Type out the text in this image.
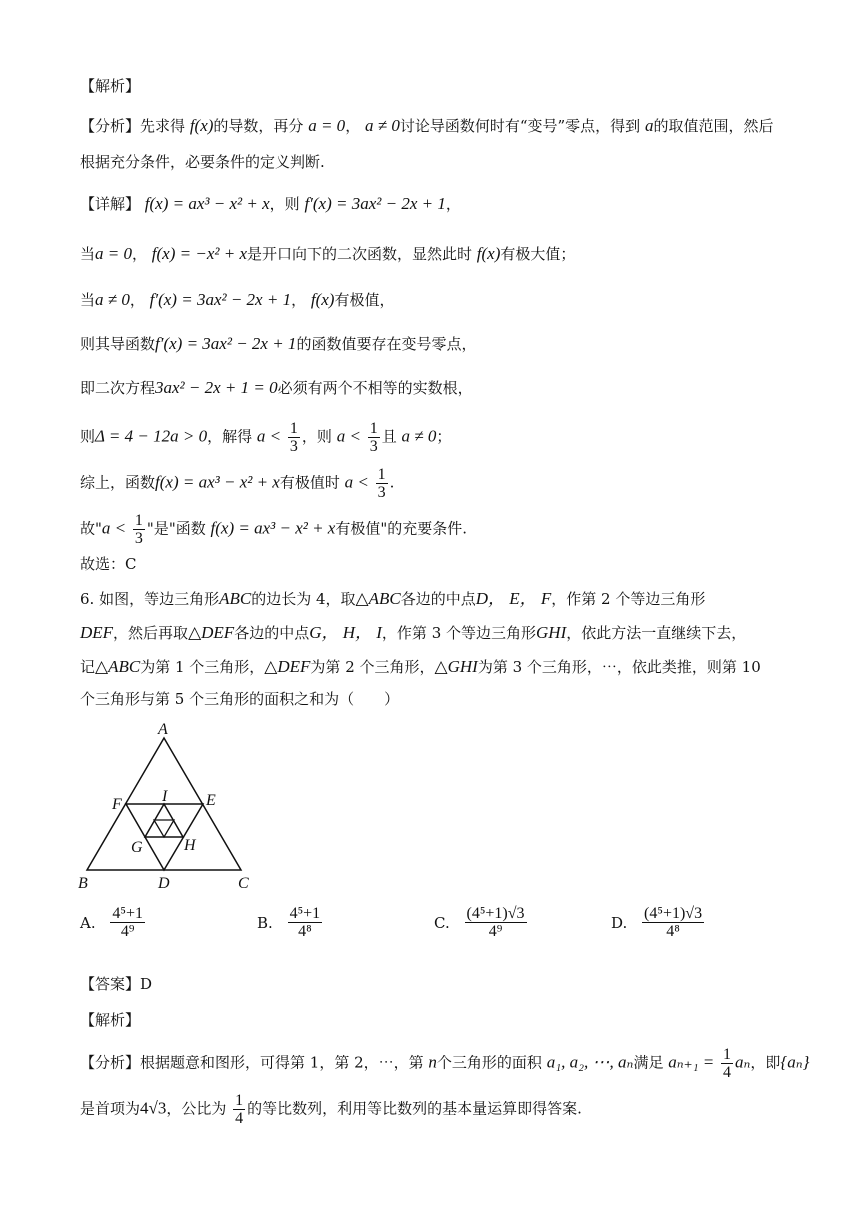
【解析】
【分析】先求得 f(x)的导数，再分 a = 0， a ≠ 0讨论导函数何时有“变号”零点，得到 a的取值范围，然后
根据充分条件，必要条件的定义判断.
【详解】 f(x) = ax³ − x² + x，则 f′(x) = 3ax² − 2x + 1，
当a = 0， f(x) = −x² + x是开口向下的二次函数，显然此时 f(x)有极大值；
当a ≠ 0， f′(x) = 3ax² − 2x + 1， f(x)有极值，
则其导函数f′(x) = 3ax² − 2x + 1的函数值要存在变号零点，
即二次方程3ax² − 2x + 1 = 0必须有两个不相等的实数根，
则Δ = 4 − 12a > 0，解得 $a < \frac{1}{3}$ ，则 $a < \frac{1}{3}$ 且 a ≠ 0；
综上，函数f(x) = ax³ − x² + x有极值时 $a < \frac{1}{3}$ .
故"$a < \frac{1}{3}$ "是"函数 f(x) = ax³ − x² + x有极值"的充要条件.
故选：C
6. 如图，等边三角形ABC的边长为 4，取△ABC各边的中点D， E， F，作第 2 个等边三角形
DEF，然后再取△DEF各边的中点G， H， I，作第 3 个等边三角形GHI，依此方法一直继续下去，
记△ABC为第 1 个三角形，△DEF为第 2 个三角形，△GHI为第 3 个三角形，⋯，依此类推，则第 10
个三角形与第 5 个三角形的面积之和为（　　）
A
B	C
D
E
F
G	H
I
A. $\frac{\text{4⁵+1}}{\text{4⁹}}$	B. $\frac{\text{4⁵+1}}{\text{4⁸}}$	C. $\frac{\text{(4⁵+1)√3}}{\text{4⁹}}$	D. $\frac{\text{(4⁵+1)√3}}{\text{4⁸}}$
【答案】D
【解析】
【分析】根据题意和图形，可得第 1，第 2，⋯，第 n个三角形的面积 a₁, a₂, ⋯, aₙ满足 $a_{n+1} = \frac{1}{4}$ aₙ，即{aₙ}
是首项为4√3，公比为 $\frac{1}{4}$ 的等比数列，利用等比数列的基本量运算即得答案.
